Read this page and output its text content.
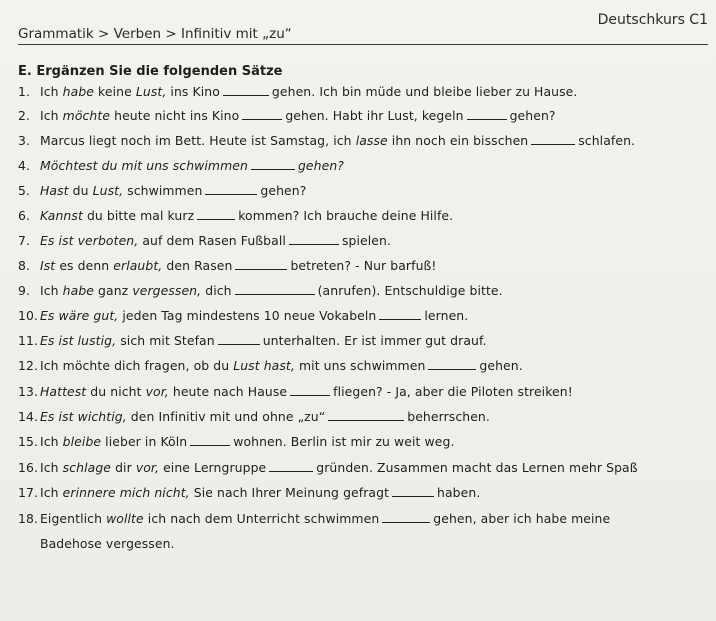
Grammatik > Verben > Infinitiv mit „zu“
Deutschkurs C1
E. Ergänzen Sie die folgenden Sätze
1. Ich habe keine Lust, ins Kino	gehen. Ich bin müde und bleibe lieber zu Hause.
2. Ich möchte heute nicht ins Kino	gehen. Habt ihr Lust, kegeln	gehen?
3. Marcus liegt noch im Bett. Heute ist Samstag, ich lasse ihn noch ein bisschen	schlafen.
4. Möchtest du mit uns schwimmen	gehen?
5. Hast du Lust, schwimmen	gehen?
6. Kannst du bitte mal kurz	kommen? Ich brauche deine Hilfe.
7. Es ist verboten, auf dem Rasen Fußball	spielen.
8. Ist es denn erlaubt, den Rasen	betreten? - Nur barfuß!
9. Ich habe ganz vergessen, dich	(anrufen). Entschuldige bitte.
10. Es wäre gut, jeden Tag mindestens 10 neue Vokabeln	lernen.
11. Es ist lustig, sich mit Stefan	unterhalten. Er ist immer gut drauf.
12. Ich möchte dich fragen, ob du Lust hast, mit uns schwimmen	gehen.
13. Hattest du nicht vor, heute nach Hause	fliegen? - Ja, aber die Piloten streiken!
14. Es ist wichtig, den Infinitiv mit und ohne „zu“	beherrschen.
15. Ich bleibe lieber in Köln	wohnen. Berlin ist mir zu weit weg.
16. Ich schlage dir vor, eine Lerngruppe	gründen. Zusammen macht das Lernen mehr Spaß
17. Ich erinnere mich nicht, Sie nach Ihrer Meinung gefragt	haben.
18. Eigentlich wollte ich nach dem Unterricht schwimmen	gehen, aber ich habe meine
Badehose vergessen.
